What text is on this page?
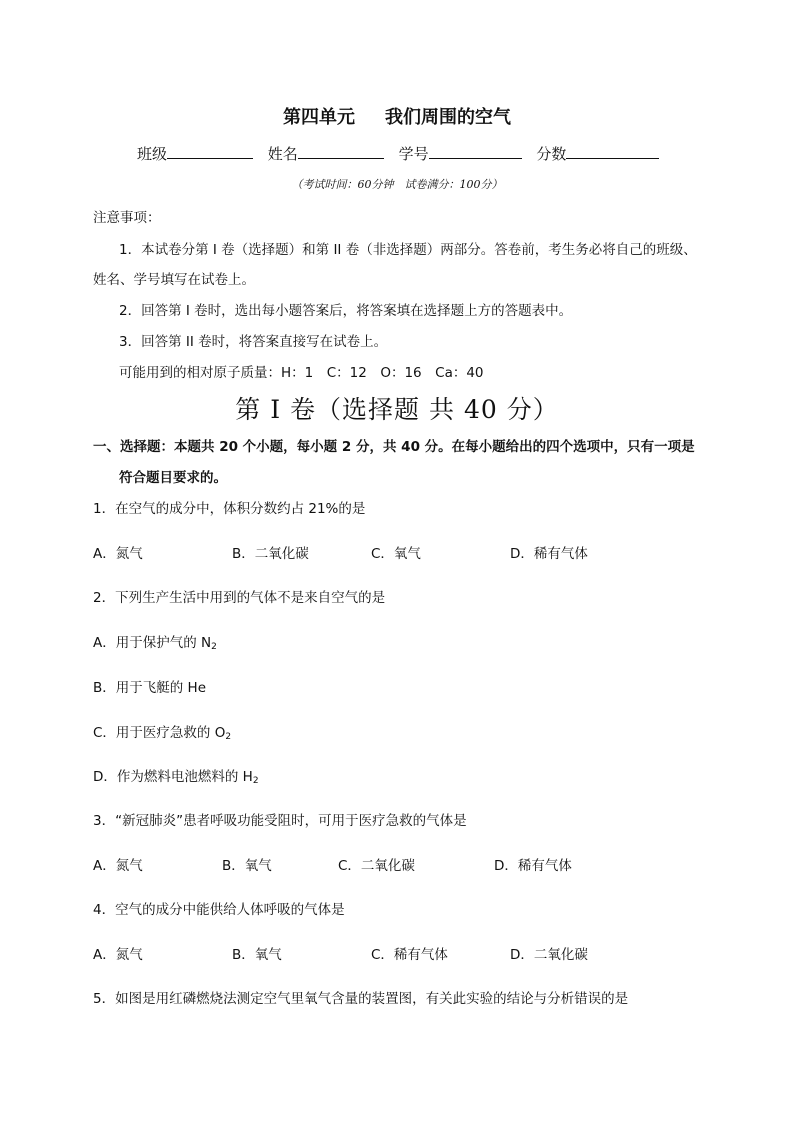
第四单元 我们周围的空气
班级	姓名	学号	分数
（考试时间：60分钟　试卷满分：100分）
注意事项：
1．本试卷分第 I 卷（选择题）和第 II 卷（非选择题）两部分。答卷前，考生务必将自己的班级、
姓名、学号填写在试卷上。
2．回答第 I 卷时，选出每小题答案后，将答案填在选择题上方的答题表中。
3．回答第 II 卷时，将答案直接写在试卷上。
可能用到的相对原子质量：H：1　C：12　O：16　Ca：40
第 I 卷（选择题 共 40 分）
一、选择题：本题共 20 个小题，每小题 2 分，共 40 分。在每小题给出的四个选项中，只有一项是
符合题目要求的。
1．在空气的成分中，体积分数约占 21%的是
A．氮气	B．二氧化碳	C．氧气	D．稀有气体
2．下列生产生活中用到的气体不是来自空气的是
A．用于保护气的 $N_2$
B．用于飞艇的 He
C．用于医疗急救的 $O_2$
D．作为燃料电池燃料的 $H_2$
3．“新冠肺炎”患者呼吸功能受阻时，可用于医疗急救的气体是
A．氮气	B．氧气	C．二氧化碳	D．稀有气体
4．空气的成分中能供给人体呼吸的气体是
A．氮气	B．氧气	C．稀有气体	D．二氧化碳
5．如图是用红磷燃烧法测定空气里氧气含量的装置图，有关此实验的结论与分析错误的是
